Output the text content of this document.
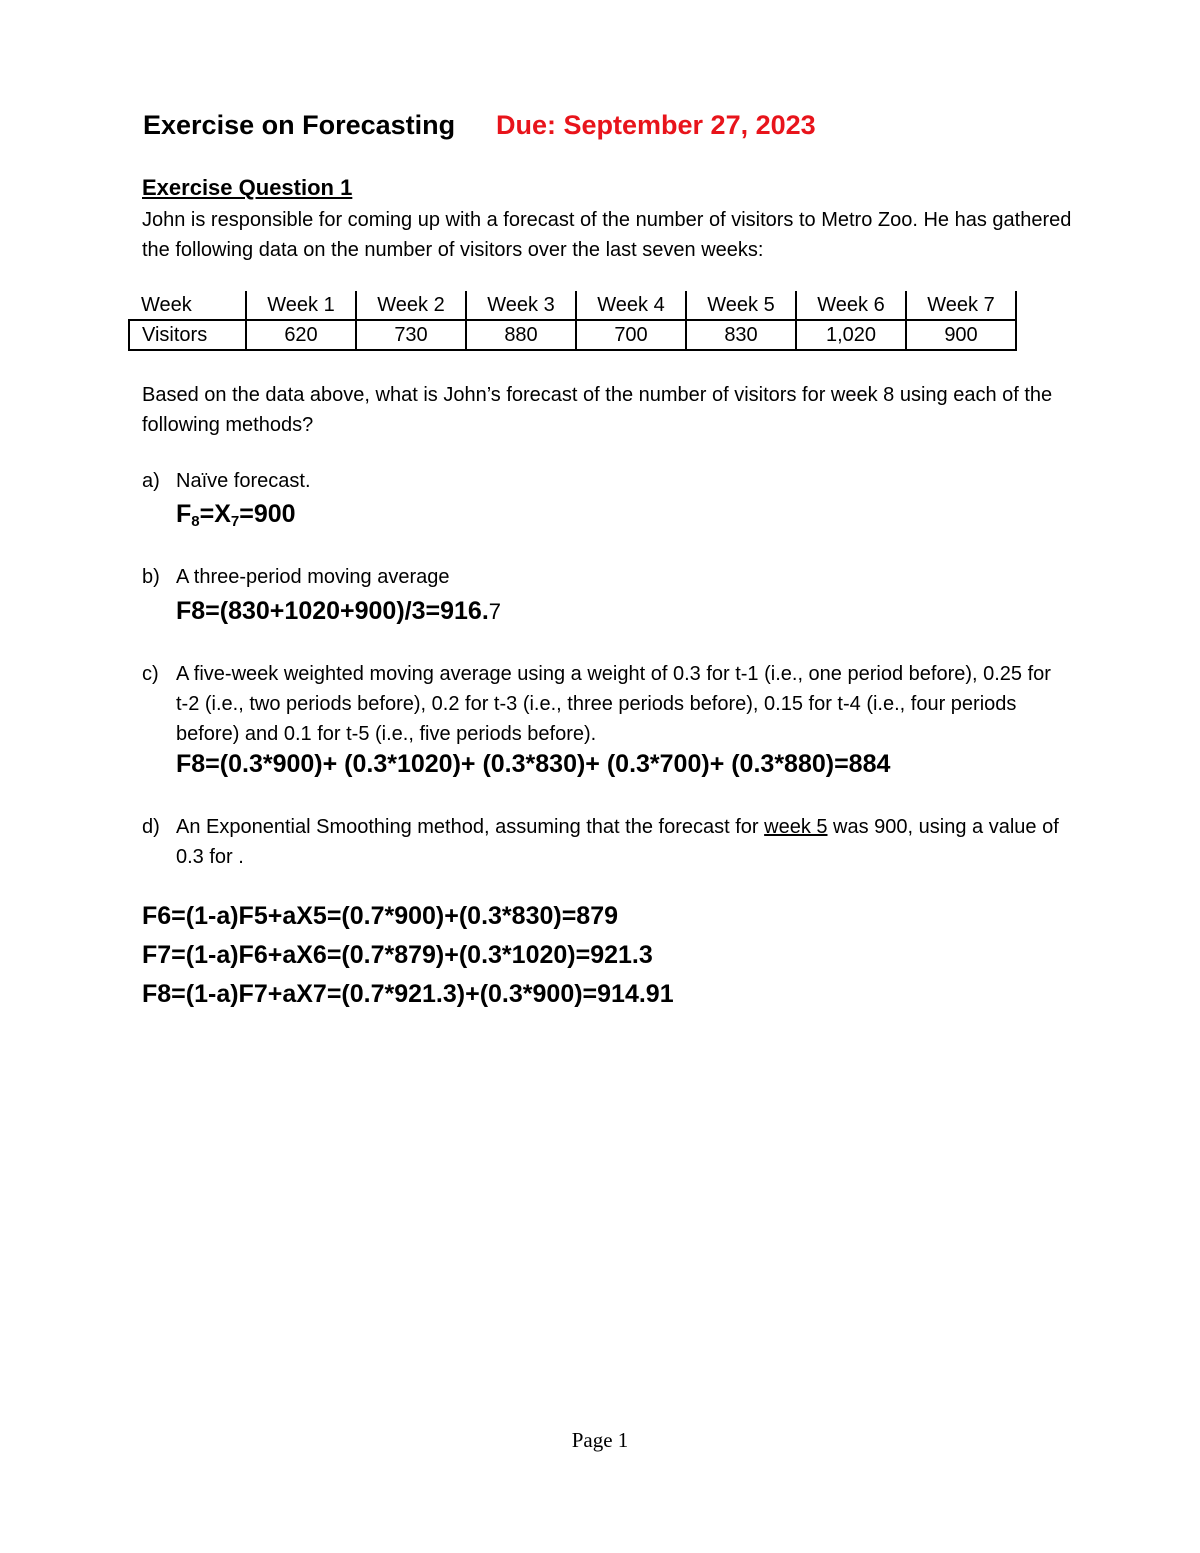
Exercise on Forecasting Due: September 27, 2023
Exercise Question 1
John is responsible for coming up with a forecast of the number of visitors to Metro Zoo. He has gathered the following data on the number of visitors over the last seven weeks:
Week	Week 1	Week 2	Week 3	Week 4	Week 5	Week 6	Week 7
Visitors	620	730	880	700	830	1,020	900
Based on the data above, what is John’s forecast of the number of visitors for week 8 using each of the following methods?
a) Naïve forecast.
$F_8=X_7=900$
b) A three-period moving average
F8=(830+1020+900)/3=916.7
c) A five-week weighted moving average using a weight of 0.3 for t-1 (i.e., one period before), 0.25 for t-2 (i.e., two periods before), 0.2 for t-3 (i.e., three periods before), 0.15 for t-4 (i.e., four periods before) and 0.1 for t-5 (i.e., five periods before).
F8=(0.3*900)+ (0.3*1020)+ (0.3*830)+ (0.3*700)+ (0.3*880)=884
d) An Exponential Smoothing method, assuming that the forecast for week 5 was 900, using a value of 0.3 for .
F6=(1-a)F5+aX5=(0.7*900)+(0.3*830)=879
F7=(1-a)F6+aX6=(0.7*879)+(0.3*1020)=921.3
F8=(1-a)F7+aX7=(0.7*921.3)+(0.3*900)=914.91
Page 1
